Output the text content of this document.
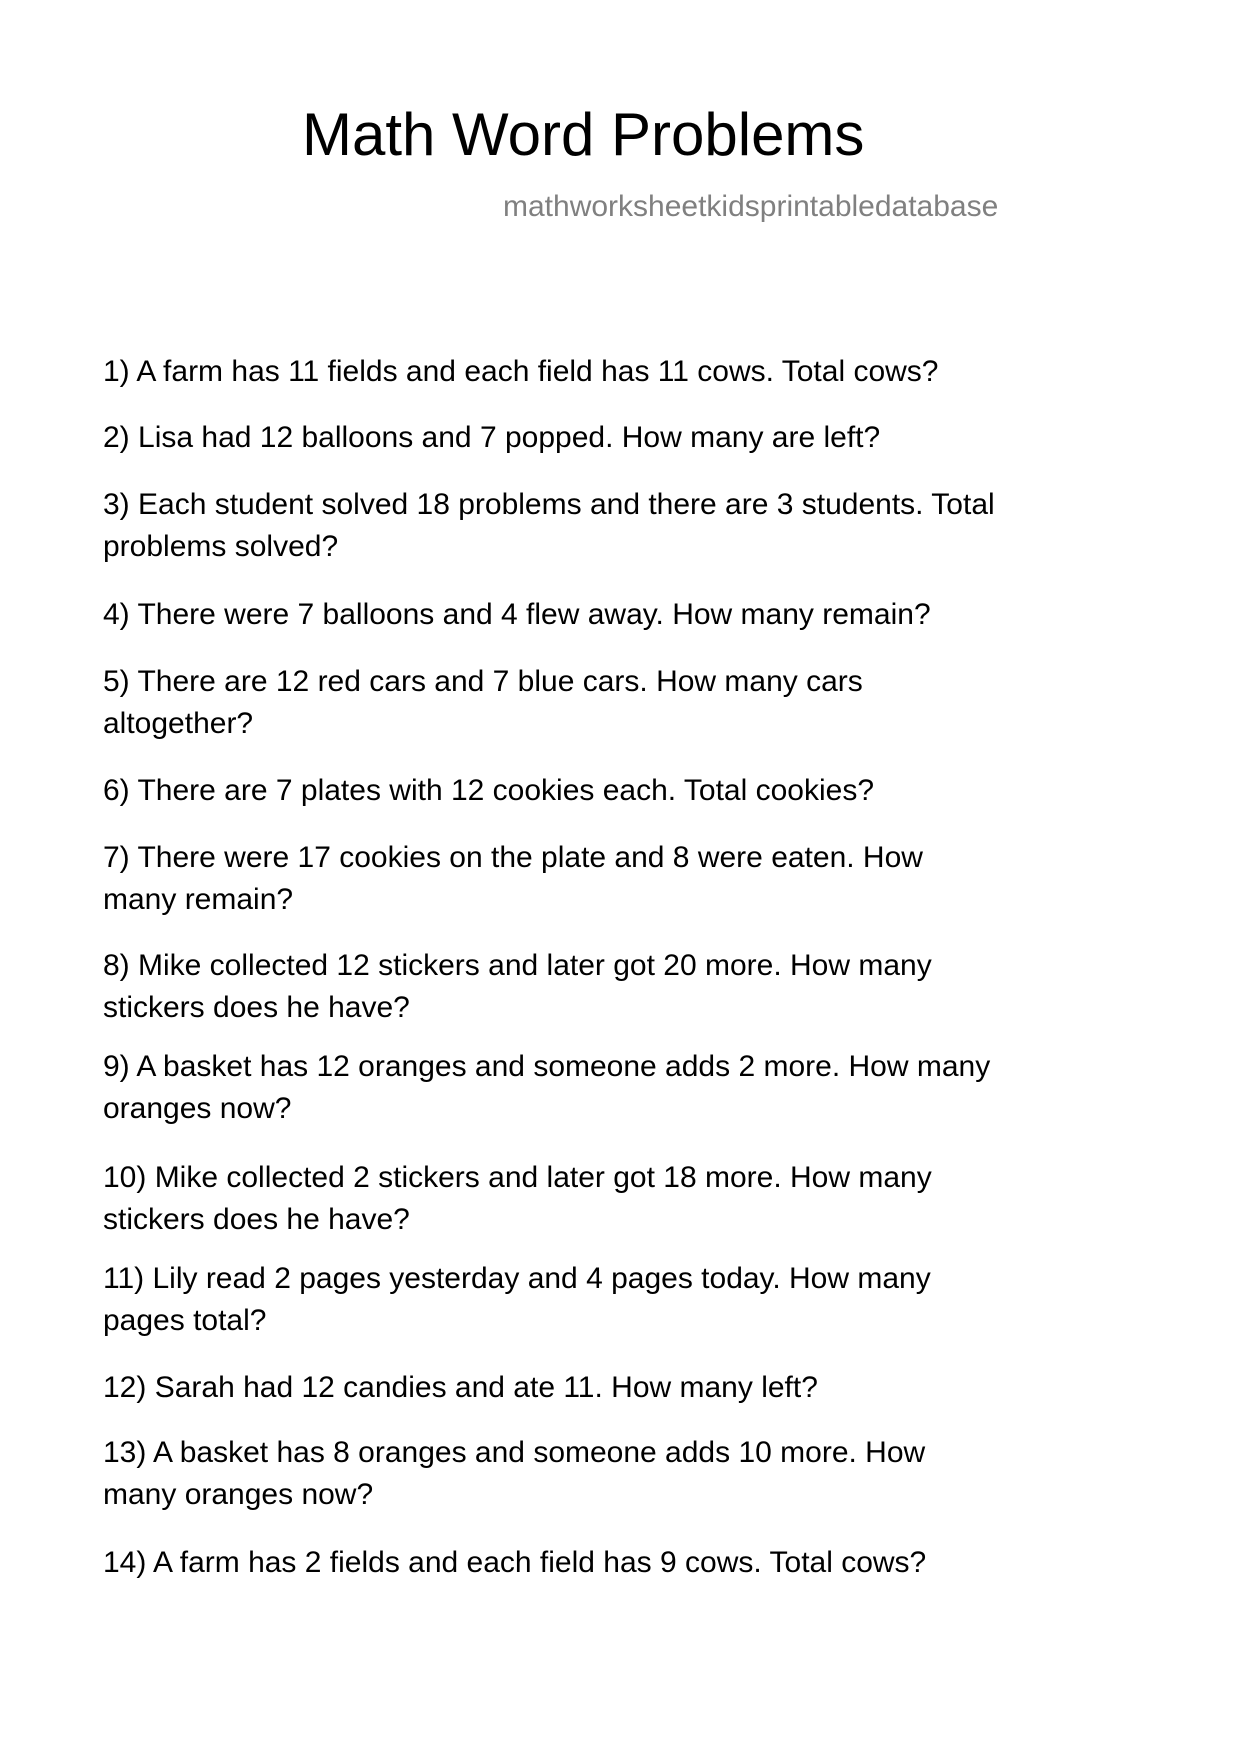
Math Word Problems
mathworksheetkidsprintabledatabase
1) A farm has 11 fields and each field has 11 cows. Total cows?
2) Lisa had 12 balloons and 7 popped. How many are left?
3) Each student solved 18 problems and there are 3 students. Total
problems solved?
4) There were 7 balloons and 4 flew away. How many remain?
5) There are 12 red cars and 7 blue cars. How many cars
altogether?
6) There are 7 plates with 12 cookies each. Total cookies?
7) There were 17 cookies on the plate and 8 were eaten. How
many remain?
8) Mike collected 12 stickers and later got 20 more. How many
stickers does he have?
9) A basket has 12 oranges and someone adds 2 more. How many
oranges now?
10) Mike collected 2 stickers and later got 18 more. How many
stickers does he have?
11) Lily read 2 pages yesterday and 4 pages today. How many
pages total?
12) Sarah had 12 candies and ate 11. How many left?
13) A basket has 8 oranges and someone adds 10 more. How
many oranges now?
14) A farm has 2 fields and each field has 9 cows. Total cows?
